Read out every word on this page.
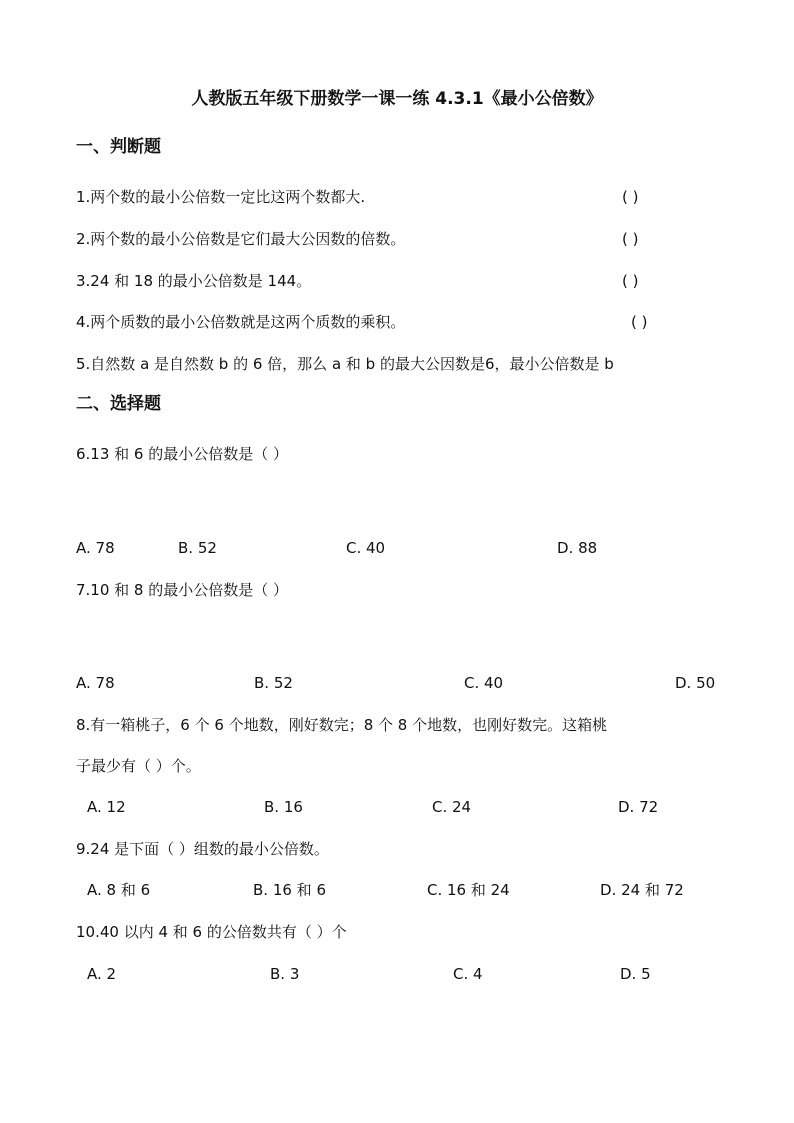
人教版五年级下册数学一课一练 4.3.1《最小公倍数》
一、判断题
1.两个数的最小公倍数一定比这两个数都大.	( )
2.两个数的最小公倍数是它们最大公因数的倍数。	( )
3.24 和 18 的最小公倍数是 144。	( )
4.两个质数的最小公倍数就是这两个质数的乘积。	( )
5.自然数 a 是自然数 b 的 6 倍，那么 a 和 b 的最大公因数是6，最小公倍数是 b
二、选择题
6.13 和 6 的最小公倍数是（ ）
A. 78	B. 52	C. 40	D. 88
7.10 和 8 的最小公倍数是（ ）
A. 78	B. 52	C. 40	D. 50
8.有一箱桃子，6 个 6 个地数，刚好数完；8 个 8 个地数，也刚好数完。这箱桃
子最少有（ ）个。
A. 12	B. 16	C. 24	D. 72
9.24 是下面（ ）组数的最小公倍数。
A. 8 和 6	B. 16 和 6	C. 16 和 24	D. 24 和 72
10.40 以内 4 和 6 的公倍数共有（ ）个
A. 2	B. 3	C. 4	D. 5
